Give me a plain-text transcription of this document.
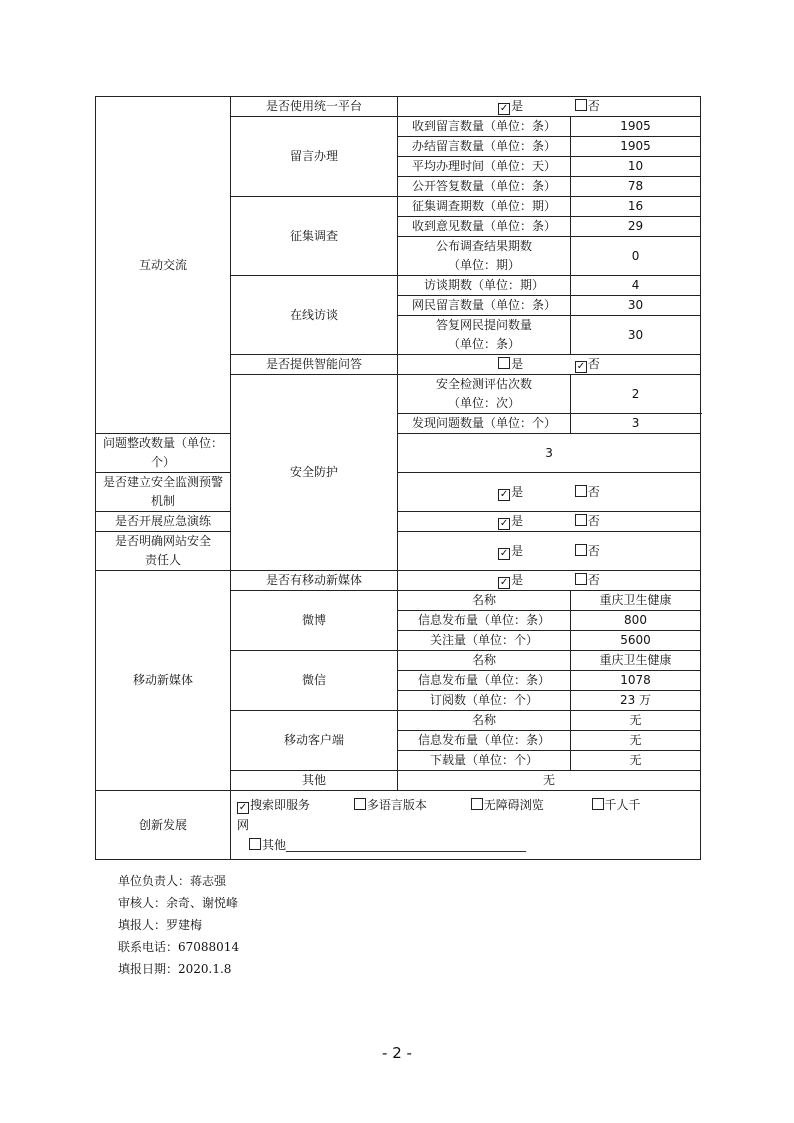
互动交流	是否使用统一平台	✓ 是 否	
	留言办理	收到留言数量（单位：条）	1905
		办结留言数量（单位：条）	1905
		平均办理时间（单位：天）	10
		公开答复数量（单位：条）	78
	征集调查	征集调查期数（单位：期）	16
		收到意见数量（单位：条）	29
		公布调查结果期数
（单位：期）	0
	在线访谈	访谈期数（单位：期）	4
		网民留言数量（单位：条）	30
		答复网民提问数量
（单位：条）	30
	是否提供智能问答	是 ✓ 否	
	安全防护	安全检测评估次数
（单位：次）	2
		发现问题数量（单位：个）	3
问题整改数量（单位：个）		3	
是否建立安全监测预警
机制		✓ 是 否	
是否开展应急演练		✓ 是 否	
是否明确网站安全
责任人		✓ 是 否	
移动新媒体	是否有移动新媒体	✓ 是 否	
	微博	名称	重庆卫生健康
		信息发布量（单位：条）	800
		关注量（单位：个）	5600
	微信	名称	重庆卫生健康
		信息发布量（单位：条）	1078
		订阅数（单位：个）	23 万
	移动客户端	名称	无
		信息发布量（单位：条）	无
		下载量（单位：个）	无
	其他	无	
创新发展	✓ 搜索即服务 多语言版本 无障碍浏览 千人千
网
其他________________________________________		
单位负责人：蒋志强
审核人：余奇、谢悦峰
填报人：罗建梅
联系电话：67088014
填报日期：2020.1.8
- 2 -
